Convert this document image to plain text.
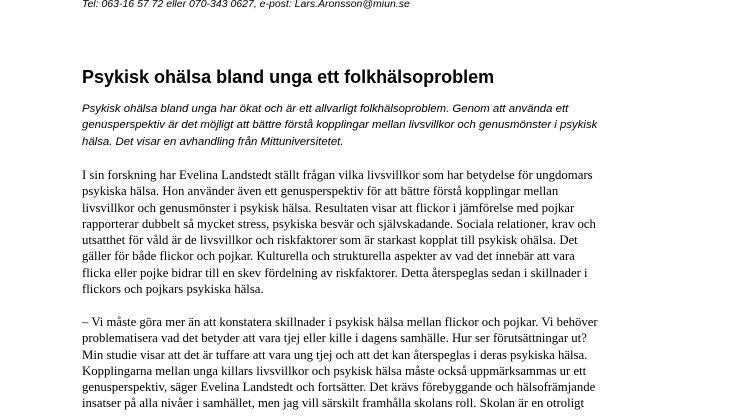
Tel: 063-16 57 72 eller 070-343 0627, e-post: Lars.Aronsson@miun.se

Psykisk ohälsa bland unga ett folkhälsoproblem

Psykisk ohälsa bland unga har ökat och är ett allvarligt folkhälsoproblem. Genom att använda ett
genusperspektiv är det möjligt att bättre förstå kopplingar mellan livsvillkor och genusmönster i psykisk
hälsa. Det visar en avhandling från Mittuniversitetet.

I sin forskning har Evelina Landstedt ställt frågan vilka livsvillkor som har betydelse för ungdomars
psykiska hälsa. Hon använder även ett genusperspektiv för att bättre förstå kopplingar mellan
livsvillkor och genusmönster i psykisk hälsa. Resultaten visar att flickor i jämförelse med pojkar
rapporterar dubbelt så mycket stress, psykiska besvär och självskadande. Sociala relationer, krav och
utsatthet för våld är de livsvillkor och riskfaktorer som är starkast kopplat till psykisk ohälsa. Det
gäller för både flickor och pojkar. Kulturella och strukturella aspekter av vad det innebär att vara
flicka eller pojke bidrar till en skev fördelning av riskfaktorer. Detta återspeglas sedan i skillnader i
flickors och pojkars psykiska hälsa.

– Vi måste göra mer än att konstatera skillnader i psykisk hälsa mellan flickor och pojkar. Vi behöver
problematisera vad det betyder att vara tjej eller kille i dagens samhälle. Hur ser förutsättningar ut?
Min studie visar att det är tuffare att vara ung tjej och att det kan återspeglas i deras psykiska hälsa.
Kopplingarna mellan unga killars livsvillkor och psykisk hälsa måste också uppmärksammas ur ett
genusperspektiv, säger Evelina Landstedt och fortsätter. Det krävs förebyggande och hälsofrämjande
insatser på alla nivåer i samhället, men jag vill särskilt framhålla skolans roll. Skolan är en otroligt
